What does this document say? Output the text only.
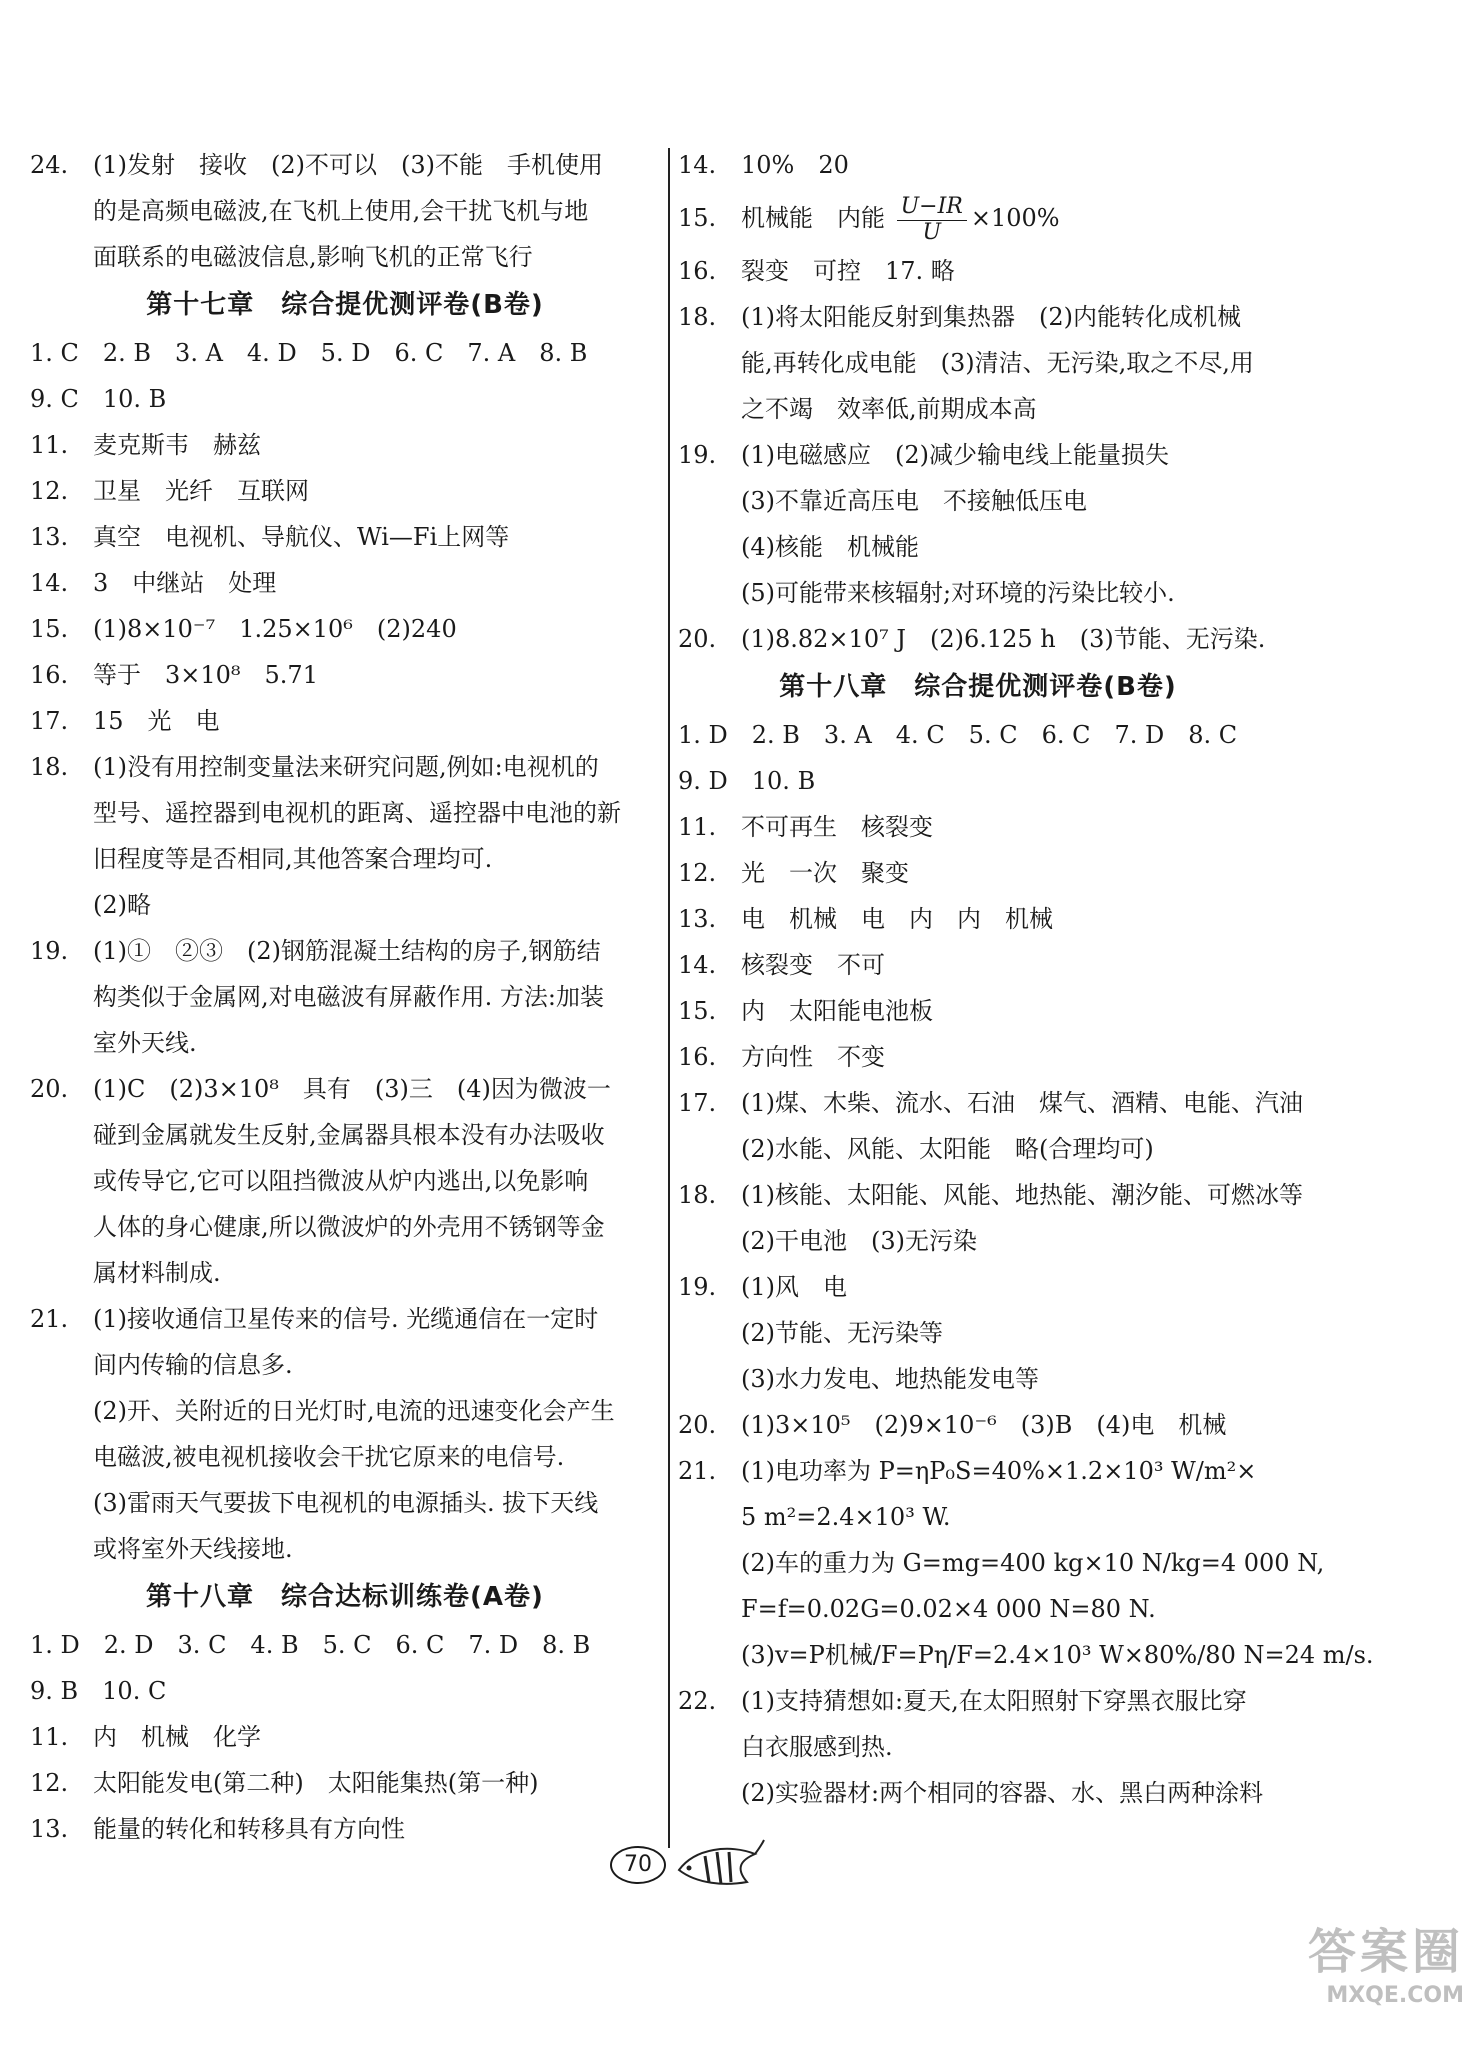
24. (1)发射　接收　(2)不可以　(3)不能　手机使用
的是高频电磁波,在飞机上使用,会干扰飞机与地
面联系的电磁波信息,影响飞机的正常飞行
第十七章　综合提优测评卷(B卷)
1. C　2. B　3. A　4. D　5. D　6. C　7. A　8. B
9. C　10. B
11. 麦克斯韦　赫兹
12. 卫星　光纤　互联网
13. 真空　电视机、导航仪、Wi—Fi上网等
14. 3　中继站　处理
15. (1)8×10⁻⁷　1.25×10⁶　(2)240
16. 等于　3×10⁸　5.71
17. 15　光　电
18. (1)没有用控制变量法来研究问题,例如:电视机的
型号、遥控器到电视机的距离、遥控器中电池的新
旧程度等是否相同,其他答案合理均可.
(2)略
19. (1)①　②③　(2)钢筋混凝土结构的房子,钢筋结
构类似于金属网,对电磁波有屏蔽作用. 方法:加装
室外天线.
20. (1)C　(2)3×10⁸　具有　(3)三　(4)因为微波一
碰到金属就发生反射,金属器具根本没有办法吸收
或传导它,它可以阻挡微波从炉内逃出,以免影响
人体的身心健康,所以微波炉的外壳用不锈钢等金
属材料制成.
21. (1)接收通信卫星传来的信号. 光缆通信在一定时
间内传输的信息多.
(2)开、关附近的日光灯时,电流的迅速变化会产生
电磁波,被电视机接收会干扰它原来的电信号.
(3)雷雨天气要拔下电视机的电源插头. 拔下天线
或将室外天线接地.
第十八章　综合达标训练卷(A卷)
1. D　2. D　3. C　4. B　5. C　6. C　7. D　8. B
9. B　10. C
11. 内　机械　化学
12. 太阳能发电(第二种)　太阳能集热(第一种)
13. 能量的转化和转移具有方向性
14. 10%　20
15. 机械能　内能 $\frac{U-IR}{U} \times 100\%$
16. 裂变　可控　17. 略
18. (1)将太阳能反射到集热器　(2)内能转化成机械
能,再转化成电能　(3)清洁、无污染,取之不尽,用
之不竭　效率低,前期成本高
19. (1)电磁感应　(2)减少输电线上能量损失
(3)不靠近高压电　不接触低压电
(4)核能　机械能
(5)可能带来核辐射;对环境的污染比较小.
20. (1)8.82×10⁷ J　(2)6.125 h　(3)节能、无污染.
第十八章　综合提优测评卷(B卷)
1. D　2. B　3. A　4. C　5. C　6. C　7. D　8. C
9. D　10. B
11. 不可再生　核裂变
12. 光　一次　聚变
13. 电　机械　电　内　内　机械
14. 核裂变　不可
15. 内　太阳能电池板
16. 方向性　不变
17. (1)煤、木柴、流水、石油　煤气、酒精、电能、汽油
(2)水能、风能、太阳能　略(合理均可)
18. (1)核能、太阳能、风能、地热能、潮汐能、可燃冰等
(2)干电池　(3)无污染
19. (1)风　电
(2)节能、无污染等
(3)水力发电、地热能发电等
20. (1)3×10⁵　(2)9×10⁻⁶　(3)B　(4)电　机械
21. (1)电功率为 P=ηP₀S=40%×1.2×10³ W/m²×
5 m²=2.4×10³ W.
(2)车的重力为 G=mg=400 kg×10 N/kg=4 000 N,
F=f=0.02G=0.02×4 000 N=80 N.
(3)v=P机械/F=Pη/F=2.4×10³ W×80%/80 N=24 m/s.
22. (1)支持猜想如:夏天,在太阳照射下穿黑衣服比穿
白衣服感到热.
(2)实验器材:两个相同的容器、水、黑白两种涂料
70
答案圈
MXQE.COM
